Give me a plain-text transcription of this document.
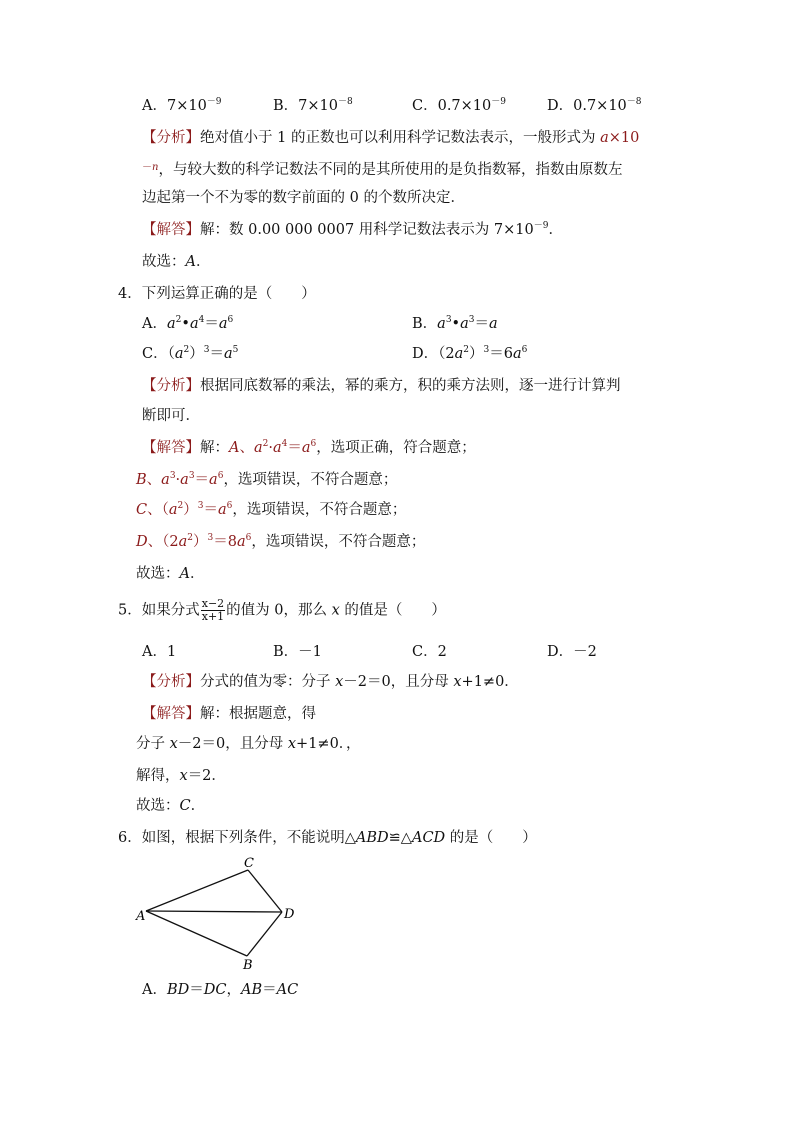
A．$7\times 10^{-9}$	B．$7\times 10^{-8}$	C．$0.7\times 10^{-9}$	D．$0.7\times 10^{-8}$
【分析】绝对值小于 1 的正数也可以利用科学记数法表示，一般形式为 a×10
$^{-n}$，与较大数的科学记数法不同的是其所使用的是负指数幂，指数由原数左
边起第一个不为零的数字前面的 0 的个数所决定．
【解答】解：数 0.00 000 0007 用科学记数法表示为 $7\times 10^{-9}$．
故选：A．
4．下列运算正确的是（　　）
A．$a^2•a^4=a^6$	B．$a^3•a^3=a$
C．$(a^2)^3=a^5$	D．$(2a^2)^3=6a^6$
【分析】根据同底数幂的乘法，幂的乘方，积的乘方法则，逐一进行计算判
断即可．
【解答】解：A、$a^2\cdot a^4=a^6$，选项正确，符合题意；
B、$a^3\cdot a^3=a^6$，选项错误，不符合题意；
C、$(a^2)^3=a^6$，选项错误，不符合题意；
D、$(2a^2)^3=8a^6$，选项错误，不符合题意；
故选：A．
5．如果分式 $\frac{x-2}{x+1}$ 的值为 0，那么 x 的值是（　　）
A．1	B．－1	C．2	D．－2
【分析】分式的值为零：分子 x－2＝0，且分母 x+1≠0．
【解答】解：根据题意，得
分子 x－2＝0，且分母 x+1≠0．，
解得，x＝2．
故选：C．
6．如图，根据下列条件，不能说明△ABD≌△ACD 的是（　　）
C
A	D
B
A．BD＝DC，AB＝AC
